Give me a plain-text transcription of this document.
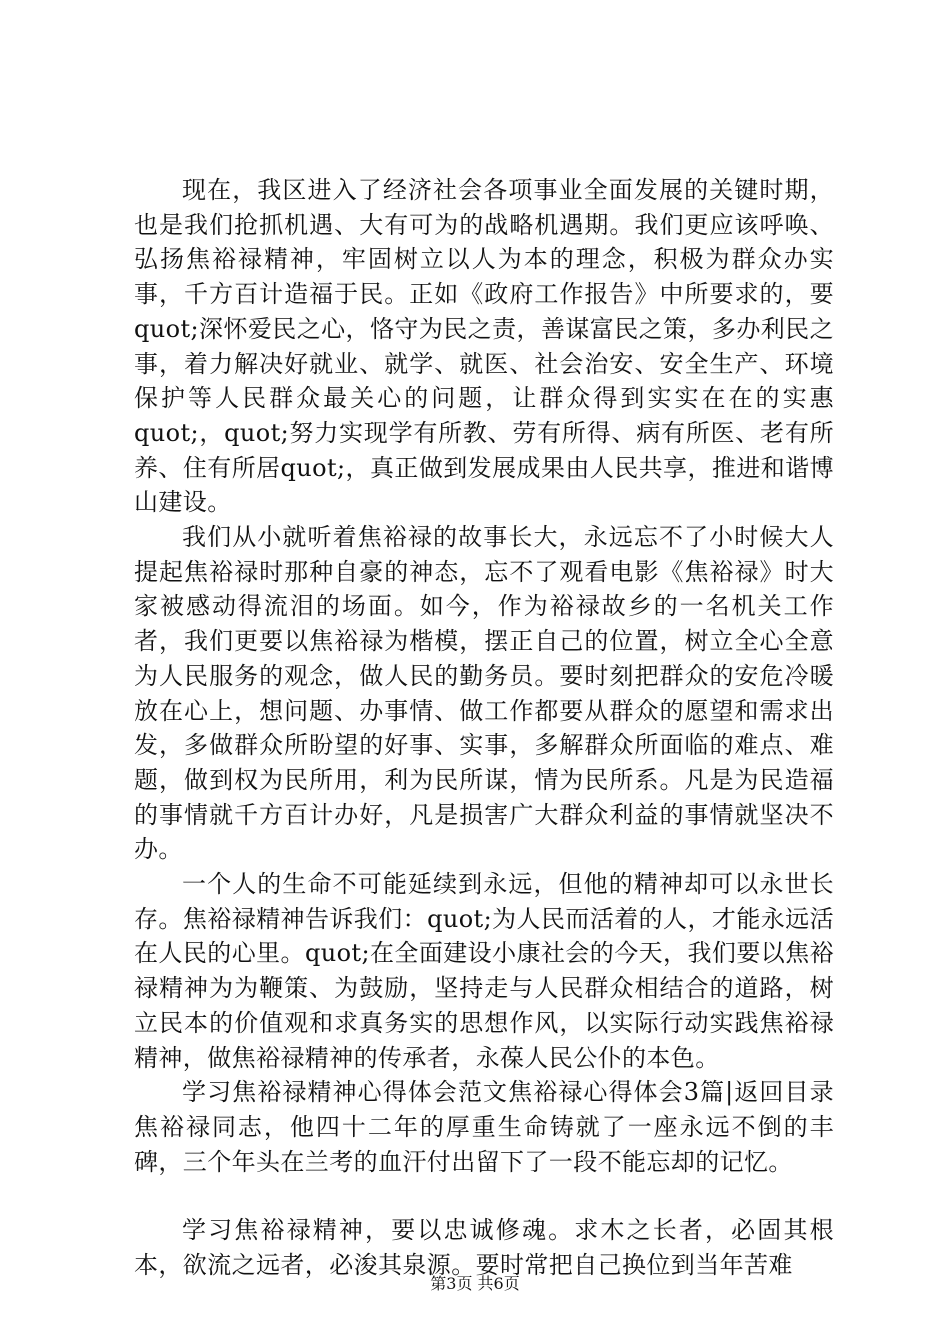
现在，我区进入了经济社会各项事业全面发展的关键时期，也是我们抢抓机遇、大有可为的战略机遇期。我们更应该呼唤、弘扬焦裕禄精神，牢固树立以人为本的理念，积极为群众办实事，千方百计造福于民。正如《政府工作报告》中所要求的，要quot;深怀爱民之心，恪守为民之责，善谋富民之策，多办利民之事，着力解决好就业、就学、就医、社会治安、安全生产、环境保护等人民群众最关心的问题，让群众得到实实在在的实惠quot;，quot;努力实现学有所教、劳有所得、病有所医、老有所养、住有所居quot;，真正做到发展成果由人民共享，推进和谐博山建设。

我们从小就听着焦裕禄的故事长大，永远忘不了小时候大人提起焦裕禄时那种自豪的神态，忘不了观看电影《焦裕禄》时大家被感动得流泪的场面。如今，作为裕禄故乡的一名机关工作者，我们更要以焦裕禄为楷模，摆正自己的位置，树立全心全意为人民服务的观念，做人民的勤务员。要时刻把群众的安危冷暖放在心上，想问题、办事情、做工作都要从群众的愿望和需求出发，多做群众所盼望的好事、实事，多解群众所面临的难点、难题，做到权为民所用，利为民所谋，情为民所系。凡是为民造福的事情就千方百计办好，凡是损害广大群众利益的事情就坚决不办。

一个人的生命不可能延续到永远，但他的精神却可以永世长存。焦裕禄精神告诉我们：quot;为人民而活着的人，才能永远活在人民的心里。quot;在全面建设小康社会的今天，我们要以焦裕禄精神为为鞭策、为鼓励，坚持走与人民群众相结合的道路，树立民本的价值观和求真务实的思想作风，以实际行动实践焦裕禄精神，做焦裕禄精神的传承者，永葆人民公仆的本色。

学习焦裕禄精神心得体会范文焦裕禄心得体会3篇|返回目录焦裕禄同志，他四十二年的厚重生命铸就了一座永远不倒的丰碑，三个年头在兰考的血汗付出留下了一段不能忘却的记忆。

学习焦裕禄精神，要以忠诚修魂。求木之长者，必固其根本，欲流之远者，必浚其泉源。要时常把自己换位到当年苦难

第3页 共6页
